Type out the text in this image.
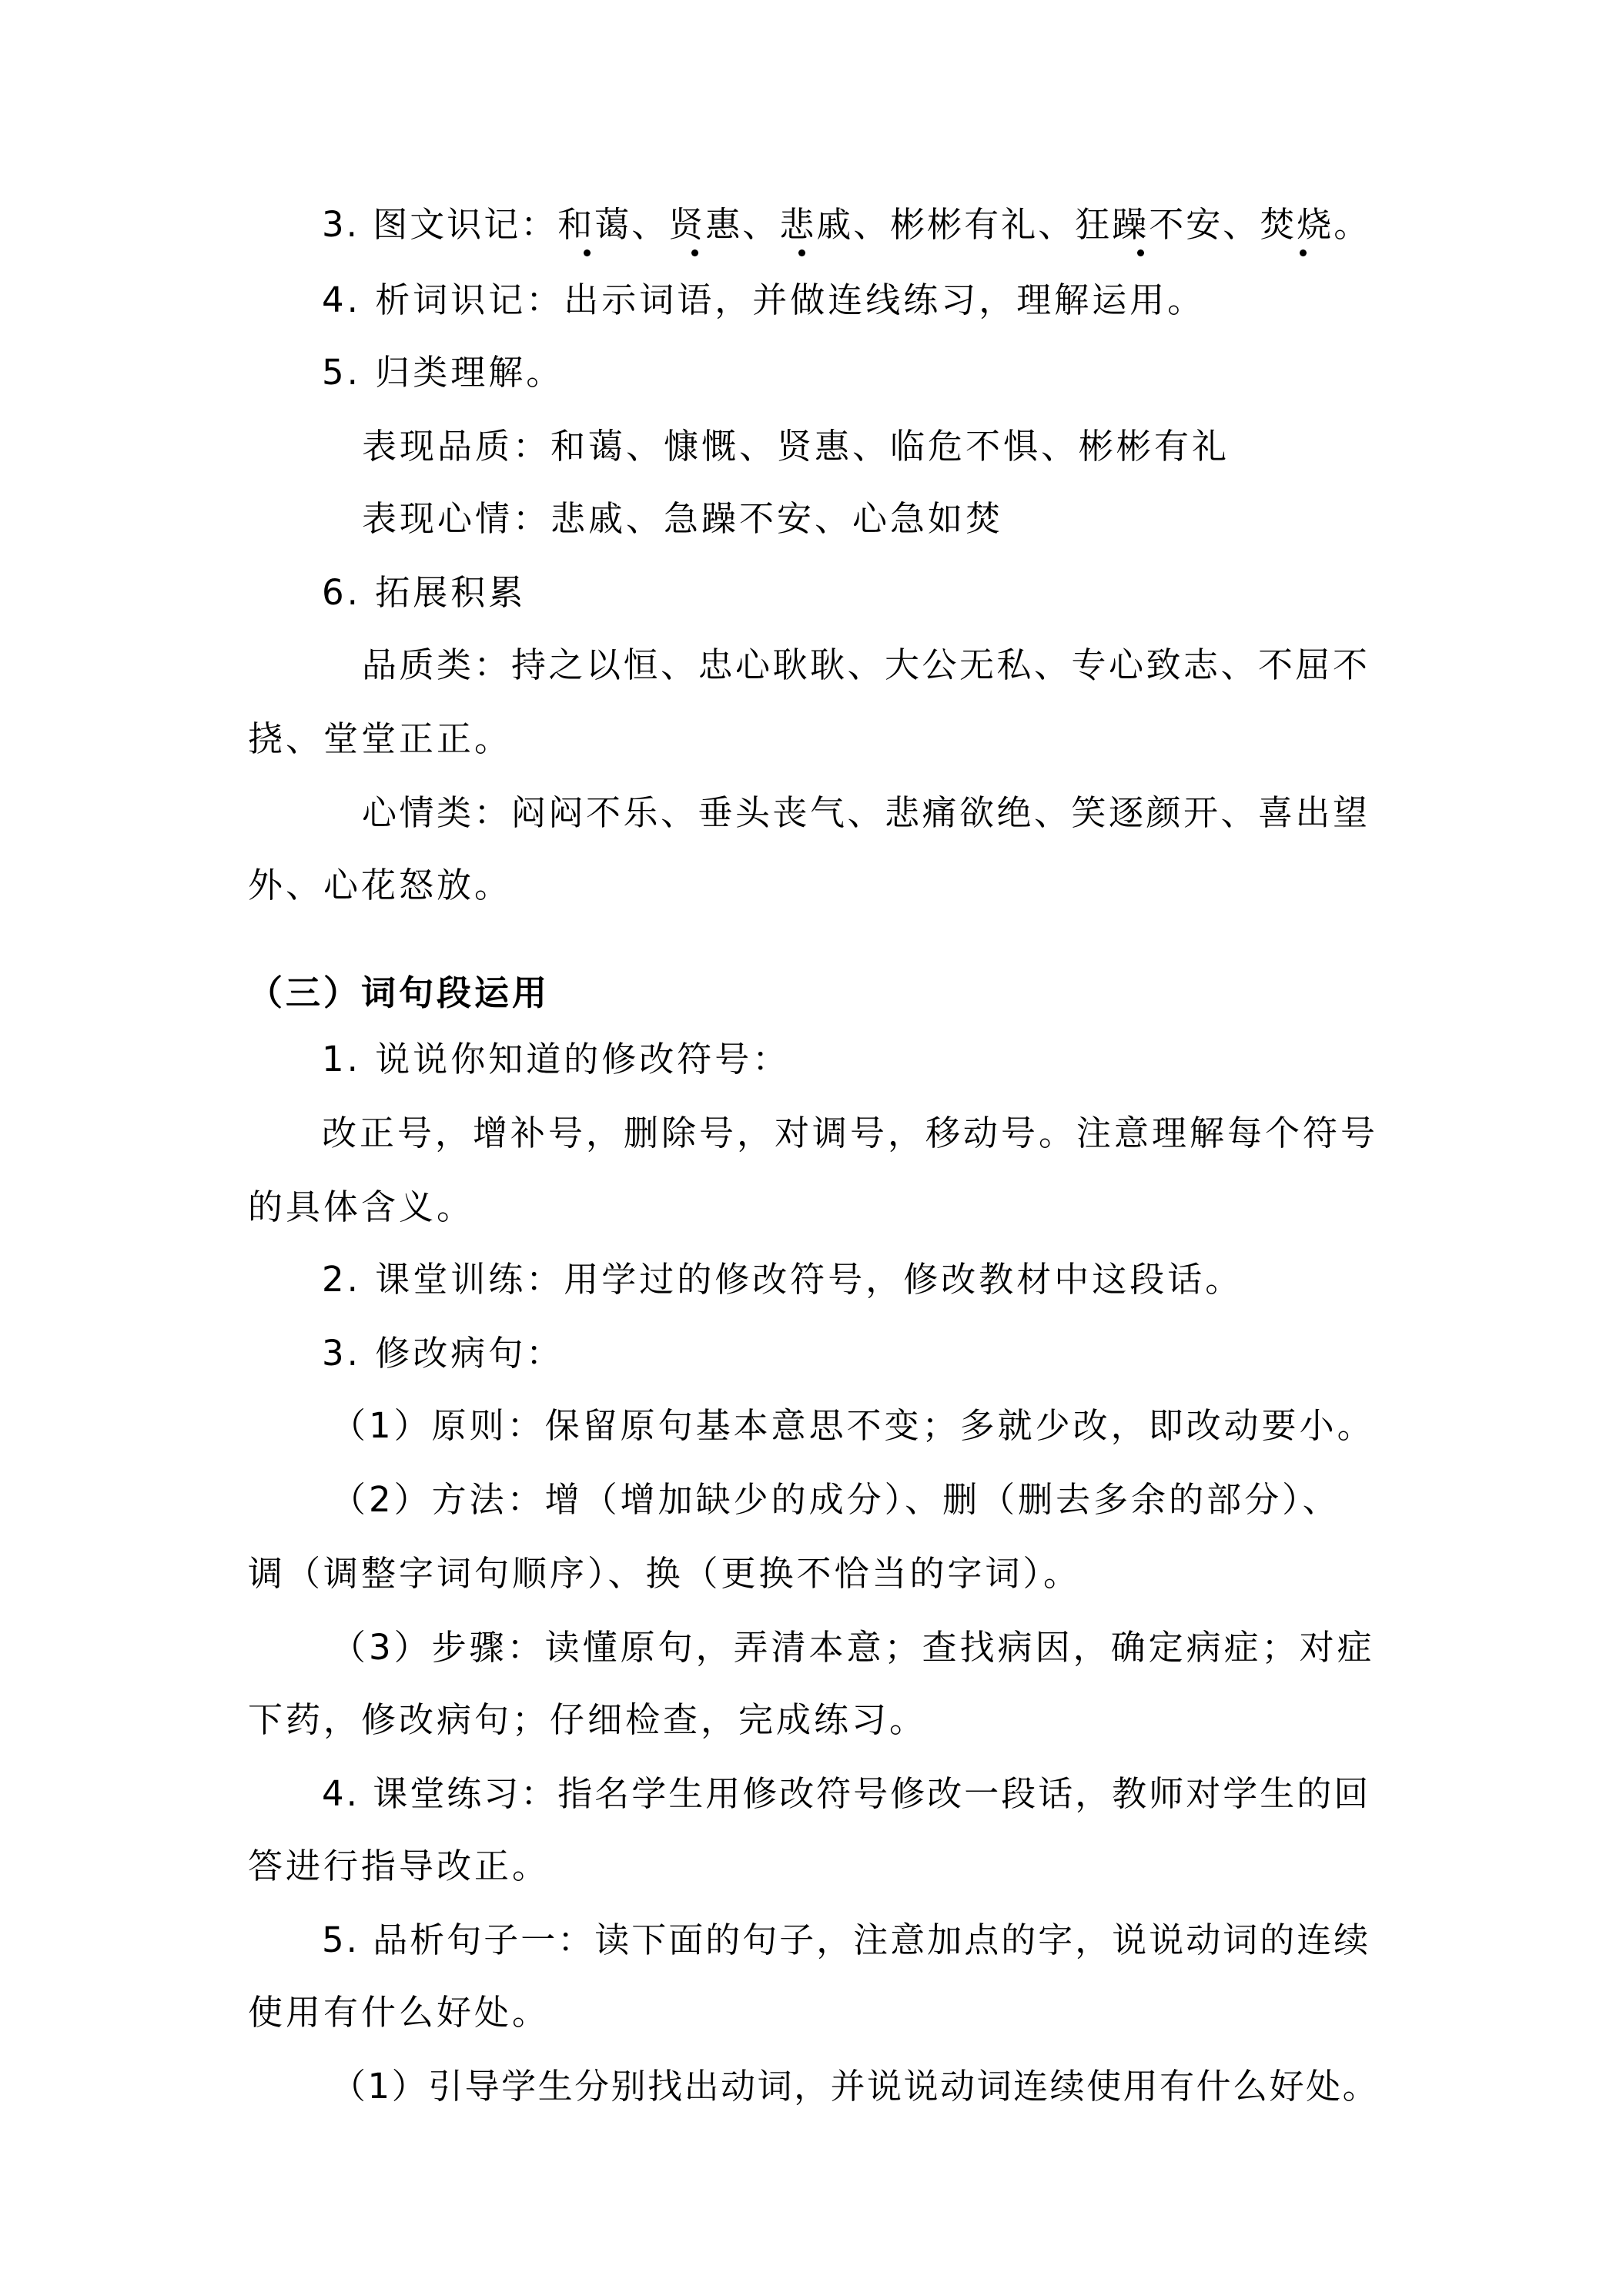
3. 图文识记：和蔼、贤惠、悲戚、彬彬有礼、狂躁不安、焚烧。

4. 析词识记：出示词语，并做连线练习，理解运用。

5. 归类理解。

表现品质：和蔼、慷慨、贤惠、临危不惧、彬彬有礼

表现心情：悲戚、急躁不安、心急如焚

6. 拓展积累

品质类：持之以恒、忠心耿耿、大公无私、专心致志、不屈不

挠、堂堂正正。

心情类：闷闷不乐、垂头丧气、悲痛欲绝、笑逐颜开、喜出望

外、心花怒放。

（三）词句段运用

1. 说说你知道的修改符号：

改正号，增补号，删除号，对调号，移动号。注意理解每个符号

的具体含义。

2. 课堂训练：用学过的修改符号，修改教材中这段话。

3. 修改病句：

（1）原则：保留原句基本意思不变；多就少改，即改动要小。

（2）方法：增（增加缺少的成分）、删（删去多余的部分）、

调（调整字词句顺序）、换（更换不恰当的字词）。

（3）步骤：读懂原句，弄清本意；查找病因，确定病症；对症

下药，修改病句；仔细检查，完成练习。

4. 课堂练习：指名学生用修改符号修改一段话，教师对学生的回

答进行指导改正。

5. 品析句子一：读下面的句子，注意加点的字，说说动词的连续

使用有什么好处。

（1）引导学生分别找出动词，并说说动词连续使用有什么好处。
